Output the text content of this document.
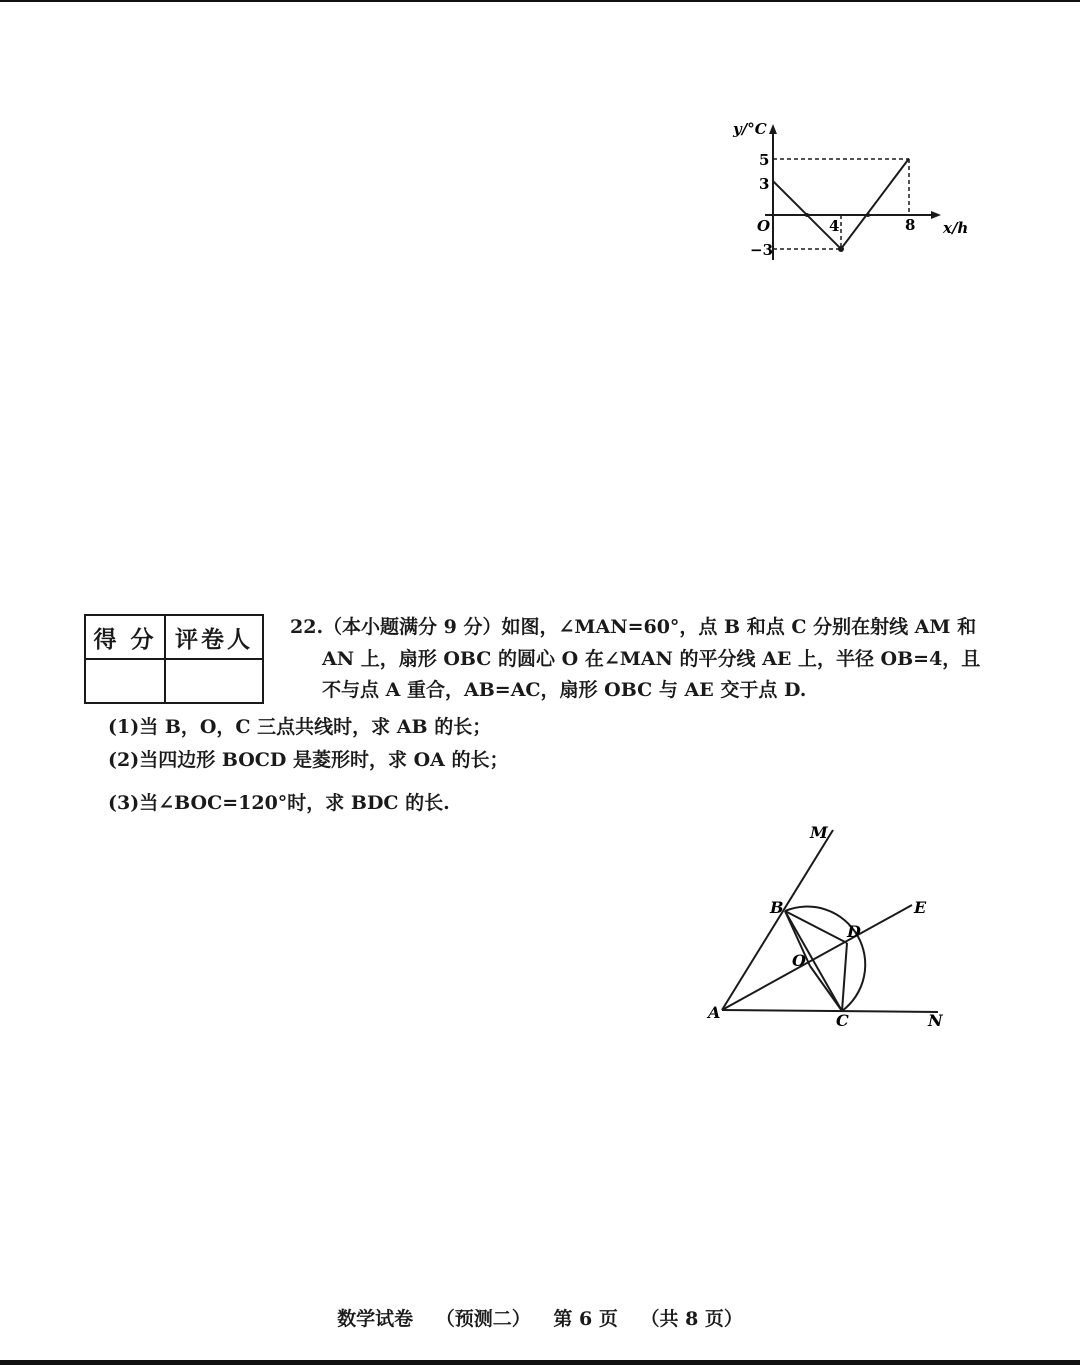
y/°C
x/h
O
5
3
−3
4	8
得 分	评卷人
	22.（本小题满分 9 分）如图，∠MAN=60°，点 B 和点 C 分别在射线 AM 和
AN 上，扇形 OBC 的圆心 O 在∠MAN 的平分线 AE 上，半径 OB=4，且
不与点 A 重合，AB=AC，扇形 OBC 与 AE 交于点 D.
(1)当 B，O，C 三点共线时，求 AB 的长；
(2)当四边形 BOCD 是菱形时，求 OA 的长；
(3)当∠BOC=120°时，求 BDC 的长.
M
E
B
D
O
A	C	N
数学试卷 （预测二） 第 6 页 （共 8 页）
